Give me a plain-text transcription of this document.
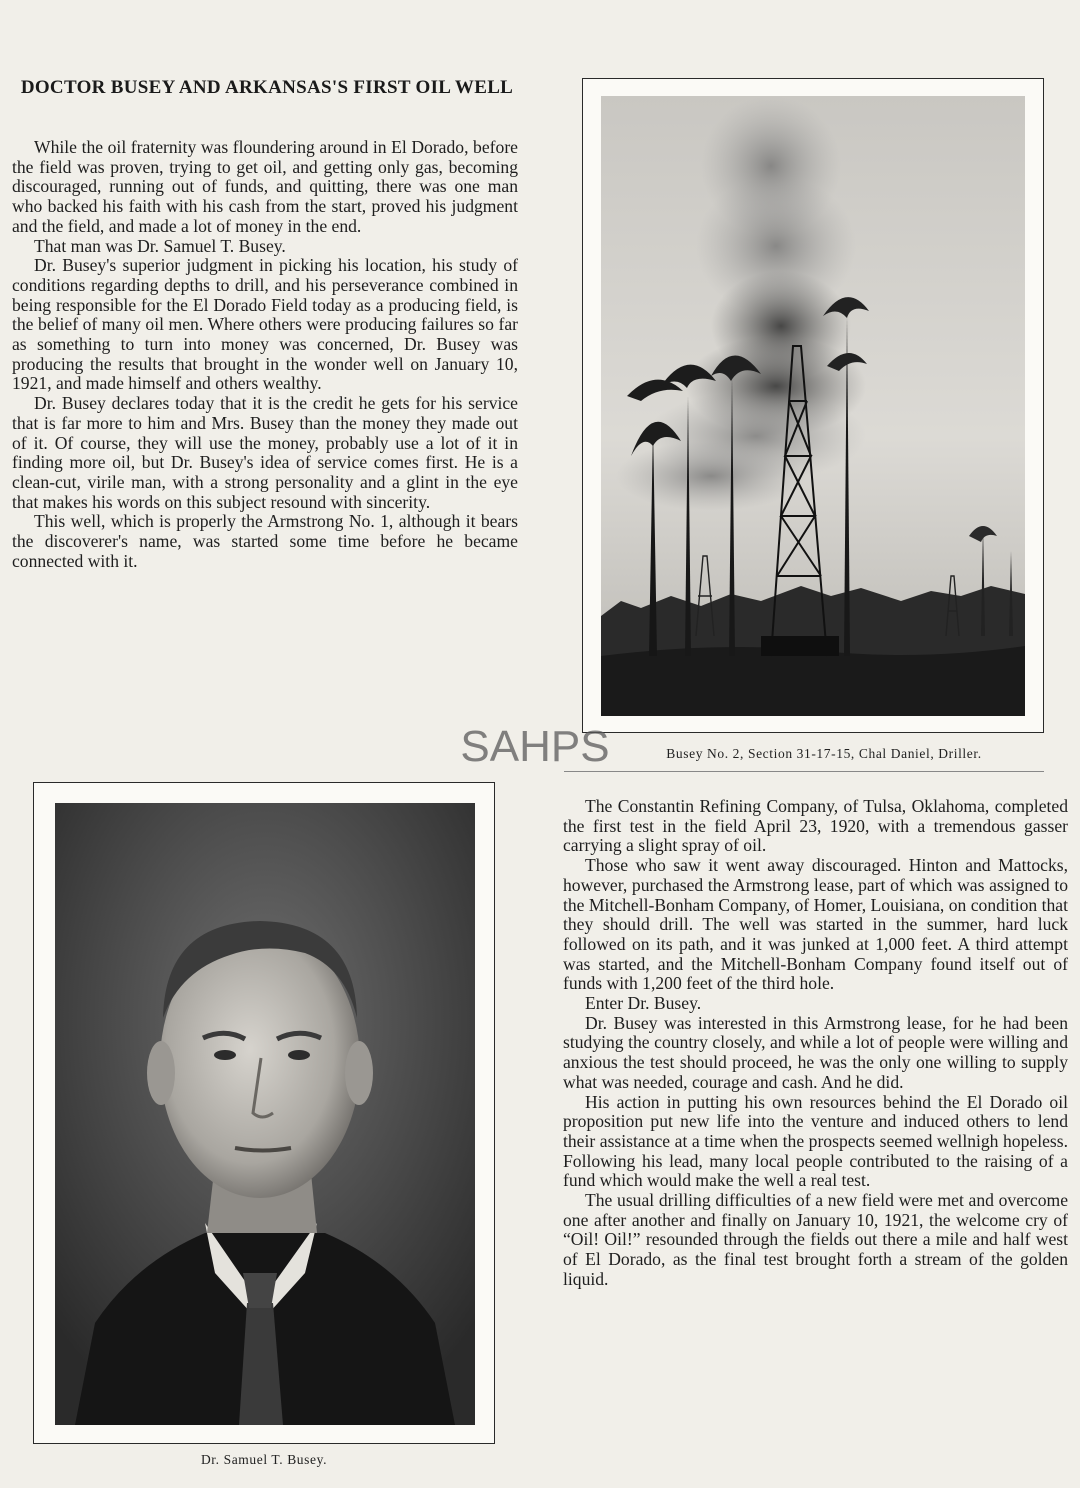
DOCTOR BUSEY AND ARKANSAS'S FIRST OIL WELL

While the oil fraternity was floundering around in El Dorado, before the field was proven, trying to get oil, and getting only gas, becoming discouraged, running out of funds, and quitting, there was one man who backed his faith with his cash from the start, proved his judgment and the field, and made a lot of money in the end.

That man was Dr. Samuel T. Busey.

Dr. Busey's superior judgment in picking his location, his study of conditions regarding depths to drill, and his perseverance combined in being responsible for the El Dorado Field today as a producing field, is the belief of many oil men. Where others were producing failures so far as something to turn into money was concerned, Dr. Busey was producing the results that brought in the wonder well on January 10, 1921, and made himself and others wealthy.

Dr. Busey declares today that it is the credit he gets for his service that is far more to him and Mrs. Busey than the money they made out of it. Of course, they will use the money, probably use a lot of it in finding more oil, but Dr. Busey's idea of service comes first. He is a clean-cut, virile man, with a strong personality and a glint in the eye that makes his words on this subject resound with sincerity.

This well, which is properly the Armstrong No. 1, although it bears the discoverer's name, was started some time before he became connected with it.

Busey No. 2, Section 31-17-15, Chal Daniel, Driller.
SAHPS
Dr. Samuel T. Busey.

The Constantin Refining Company, of Tulsa, Oklahoma, completed the first test in the field April 23, 1920, with a tremendous gasser carrying a slight spray of oil.

Those who saw it went away discouraged. Hinton and Mattocks, however, purchased the Armstrong lease, part of which was assigned to the Mitchell-Bonham Company, of Homer, Louisiana, on condition that they should drill. The well was started in the summer, hard luck followed on its path, and it was junked at 1,000 feet. A third attempt was started, and the Mitchell-Bonham Company found itself out of funds with 1,200 feet of the third hole.

Enter Dr. Busey.

Dr. Busey was interested in this Armstrong lease, for he had been studying the country closely, and while a lot of people were willing and anxious the test should proceed, he was the only one willing to supply what was needed, courage and cash. And he did.

His action in putting his own resources behind the El Dorado oil proposition put new life into the venture and induced others to lend their assistance at a time when the prospects seemed wellnigh hopeless. Following his lead, many local people contributed to the raising of a fund which would make the well a real test.

The usual drilling difficulties of a new field were met and overcome one after another and finally on January 10, 1921, the welcome cry of “Oil! Oil!” resounded through the fields out there a mile and half west of El Dorado, as the final test brought forth a stream of the golden liquid.
